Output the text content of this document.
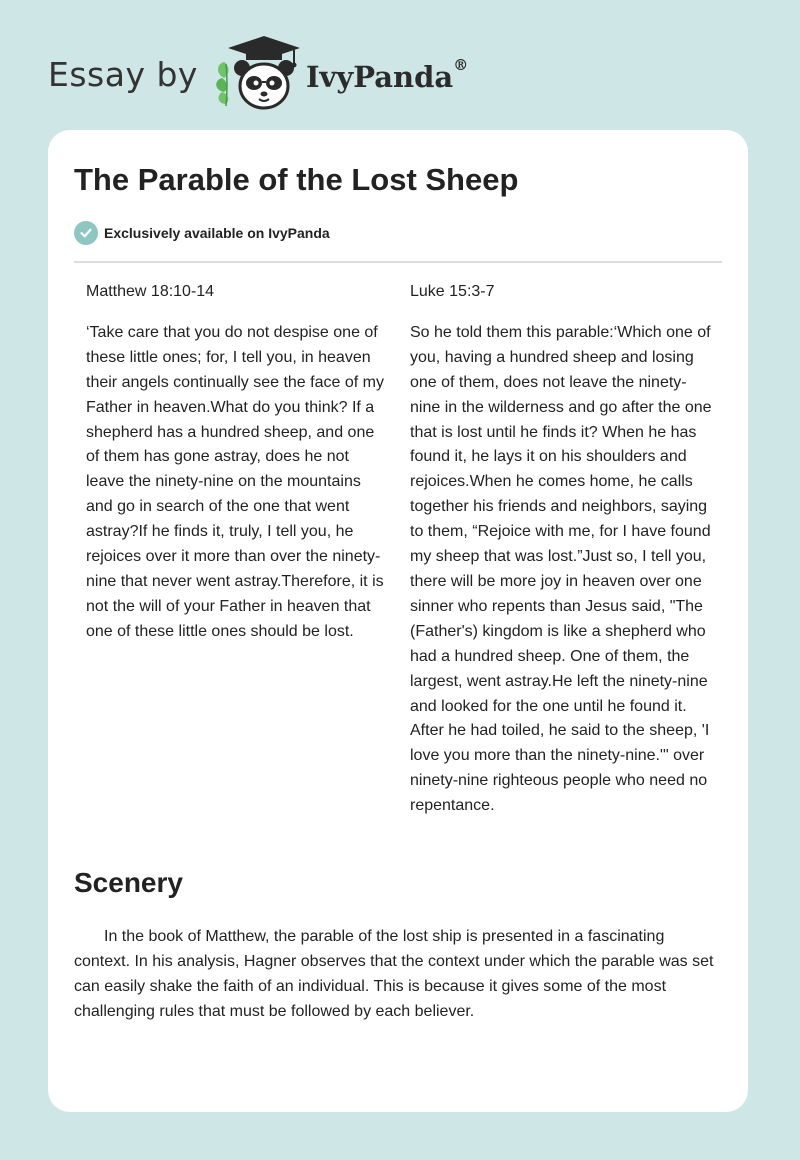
Essay by	IvyPanda®
The Parable of the Lost Sheep
Exclusively available on IvyPanda

Matthew 18:10-14

‘Take care that you do not despise one of these little ones; for, I tell you, in heaven their angels continually see the face of my Father in heaven.What do you think? If a shepherd has a hundred sheep, and one of them has gone astray, does he not leave the ninety-nine on the mountains and go in search of the one that went astray?If he finds it, truly, I tell you, he rejoices over it more than over the ninety-nine that never went astray.Therefore, it is not the will of your Father in heaven that one of these little ones should be lost.

Luke 15:3-7

So he told them this parable:‘Which one of you, having a hundred sheep and losing one of them, does not leave the ninety-nine in the wilderness and go after the one that is lost until he finds it? When he has found it, he lays it on his shoulders and rejoices.When he comes home, he calls together his friends and neighbors, saying to them, “Rejoice with me, for I have found my sheep that was lost.”Just so, I tell you, there will be more joy in heaven over one sinner who repents than Jesus said, "The (Father's) kingdom is like a shepherd who had a hundred sheep. One of them, the largest, went astray.He left the ninety-nine and looked for the one until he found it. After he had toiled, he said to the sheep, 'I love you more than the ninety-nine.'" over ninety-nine righteous people who need no repentance.

Scenery

In the book of Matthew, the parable of the lost ship is presented in a fascinating context. In his analysis, Hagner observes that the context under which the parable was set can easily shake the faith of an individual. This is because it gives some of the most challenging rules that must be followed by each believer.
